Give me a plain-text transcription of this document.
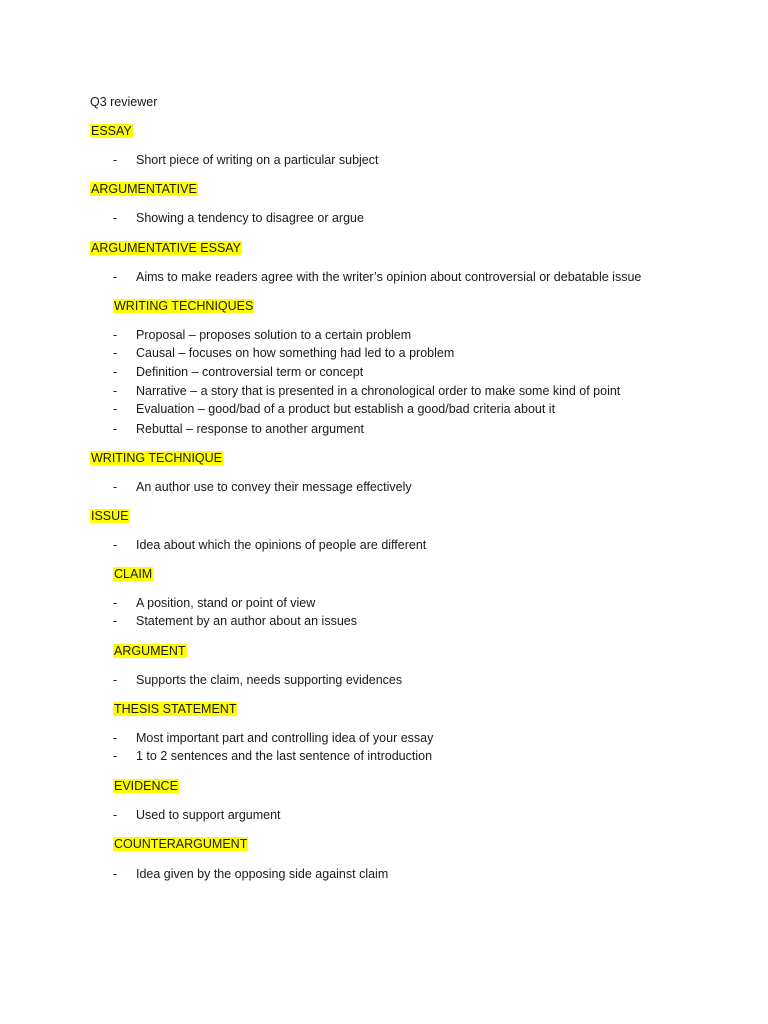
Q3 reviewer
ESSAY
- Short piece of writing on a particular subject
ARGUMENTATIVE
- Showing a tendency to disagree or argue
ARGUMENTATIVE ESSAY
- Aims to make readers agree with the writer’s opinion about controversial or debatable issue
WRITING TECHNIQUES
- Proposal – proposes solution to a certain problem
- Causal – focuses on how something had led to a problem
- Definition – controversial term or concept
- Narrative – a story that is presented in a chronological order to make some kind of point
- Evaluation – good/bad of a product but establish a good/bad criteria about it
- Rebuttal – response to another argument
WRITING TECHNIQUE
- An author use to convey their message effectively
ISSUE
- Idea about which the opinions of people are different
CLAIM
- A position, stand or point of view
- Statement by an author about an issues
ARGUMENT
- Supports the claim, needs supporting evidences
THESIS STATEMENT
- Most important part and controlling idea of your essay
- 1 to 2 sentences and the last sentence of introduction
EVIDENCE
- Used to support argument
COUNTERARGUMENT
- Idea given by the opposing side against claim
